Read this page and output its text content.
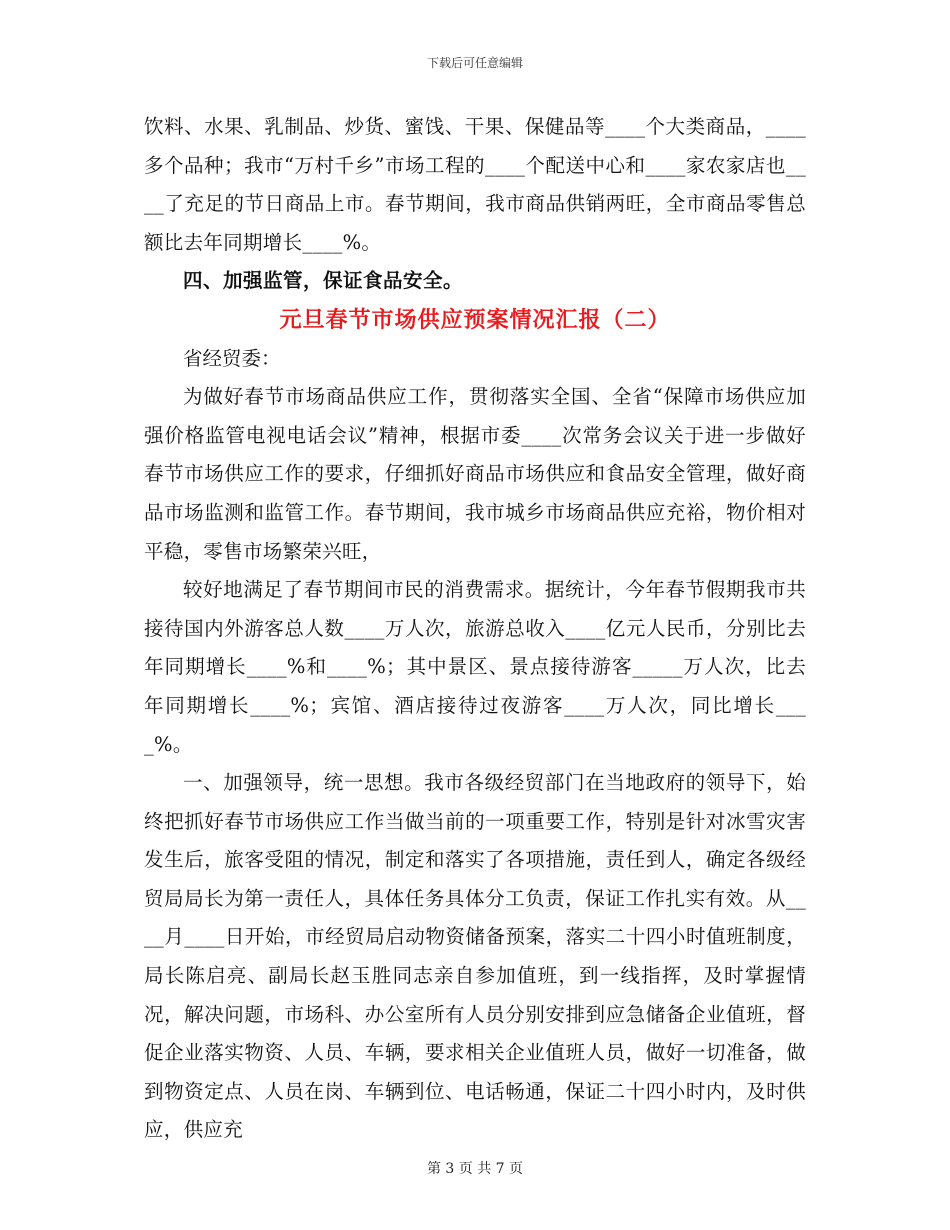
下载后可任意编辑

饮料、水果、乳制品、炒货、蜜饯、干果、保健品等____个大类商品，____多个品种；我市“万村千乡”市场工程的____个配送中心和____家农家店也____了充足的节日商品上市。春节期间，我市商品供销两旺，全市商品零售总额比去年同期增长____%。

四、加强监管，保证食品安全。

元旦春节市场供应预案情况汇报（二）

省经贸委：

为做好春节市场商品供应工作，贯彻落实全国、全省“保障市场供应加强价格监管电视电话会议”精神，根据市委____次常务会议关于进一步做好春节市场供应工作的要求，仔细抓好商品市场供应和食品安全管理，做好商品市场监测和监管工作。春节期间，我市城乡市场商品供应充裕，物价相对平稳，零售市场繁荣兴旺，

较好地满足了春节期间市民的消费需求。据统计，今年春节假期我市共接待国内外游客总人数____万人次，旅游总收入____亿元人民币，分别比去年同期增长____%和____%；其中景区、景点接待游客_____万人次，比去年同期增长____%；宾馆、酒店接待过夜游客____万人次，同比增长____%。

一、加强领导，统一思想。我市各级经贸部门在当地政府的领导下，始终把抓好春节市场供应工作当做当前的一项重要工作，特别是针对冰雪灾害发生后，旅客受阻的情况，制定和落实了各项措施，责任到人，确定各级经贸局局长为第一责任人，具体任务具体分工负责，保证工作扎实有效。从____月____日开始，市经贸局启动物资储备预案，落实二十四小时值班制度，局长陈启亮、副局长赵玉胜同志亲自参加值班，到一线指挥，及时掌握情况，解决问题，市场科、办公室所有人员分别安排到应急储备企业值班，督促企业落实物资、人员、车辆，要求相关企业值班人员，做好一切准备，做到物资定点、人员在岗、车辆到位、电话畅通，保证二十四小时内，及时供应，供应充

第 3 页 共 7 页
